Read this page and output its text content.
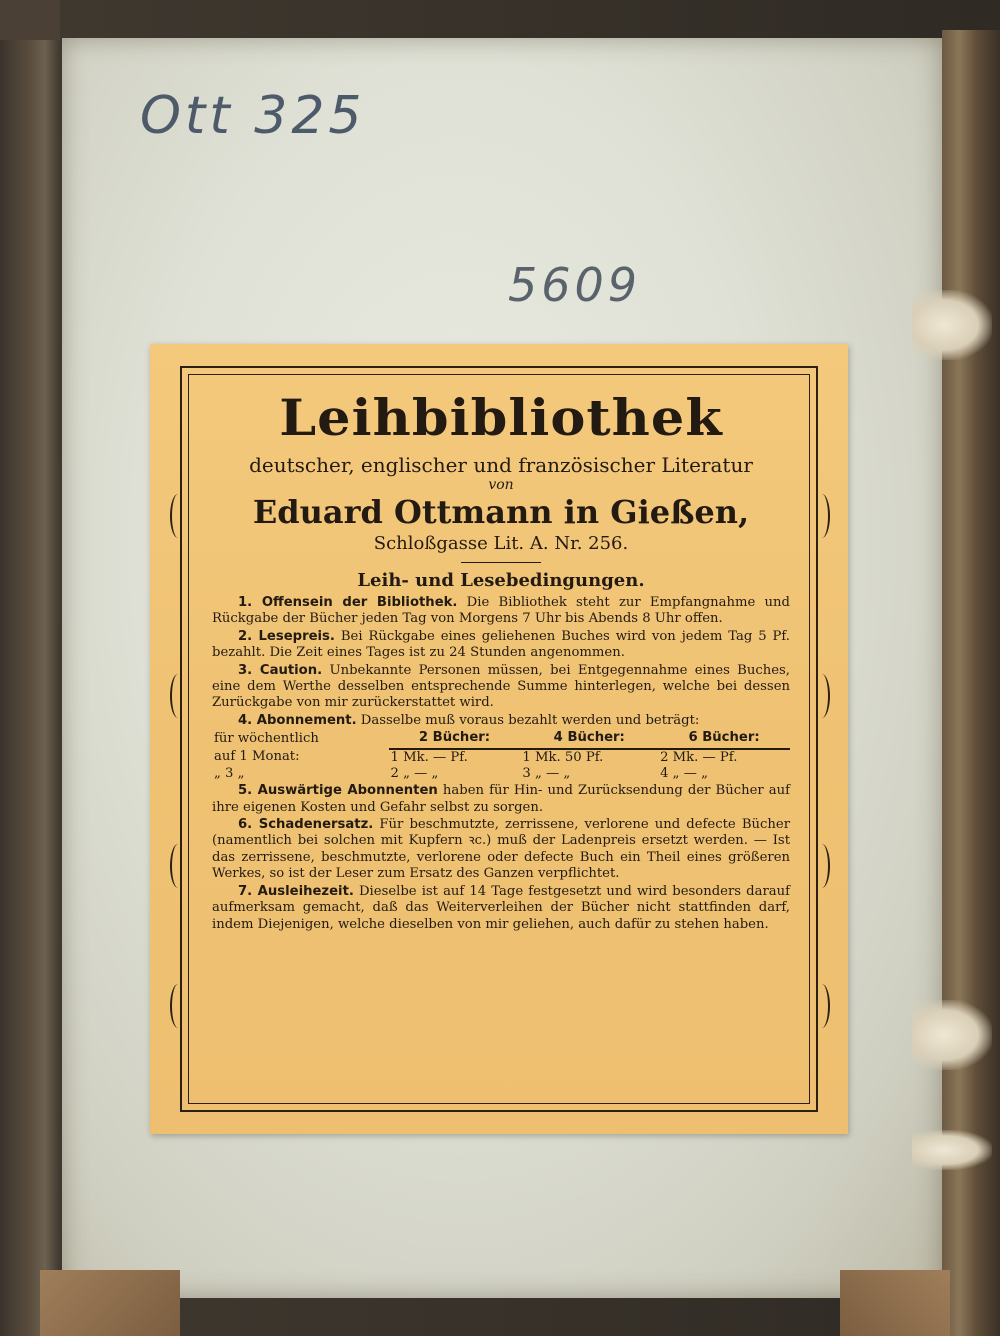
Ott 325
5609
Leihbibliothek
deutscher, englischer und französischer Literatur
von
Eduard Ottmann in Gießen,
Schloßgasse Lit. A. Nr. 256.
Leih- und Lesebedingungen.

1. Offensein der Bibliothek. Die Bibliothek steht zur Empfangnahme und Rückgabe der Bücher jeden Tag von Morgens 7 Uhr bis Abends 8 Uhr offen.

2. Lesepreis. Bei Rückgabe eines geliehenen Buches wird von jedem Tag 5 Pf. bezahlt. Die Zeit eines Tages ist zu 24 Stunden angenommen.

3. Caution. Unbekannte Personen müssen, bei Entgegennahme eines Buches, eine dem Werthe desselben entsprechende Summe hinterlegen, welche bei dessen Zurückgabe von mir zurückerstattet wird.

4. Abonnement. Dasselbe muß voraus bezahlt werden und beträgt:

für wöchentlich	2 Bücher:	4 Bücher:	6 Bücher:
auf 1 Monat:	1 Mk. — Pf.	1 Mk. 50 Pf.	2 Mk. — Pf.
„ 3 „	2 „ — „	3 „ — „	4 „ — „

5. Auswärtige Abonnenten haben für Hin- und Zurücksendung der Bücher auf ihre eigenen Kosten und Gefahr selbst zu sorgen.

6. Schadenersatz. Für beschmutzte, zerrissene, verlorene und defecte Bücher (namentlich bei solchen mit Kupfern ꝛc.) muß der Ladenpreis ersetzt werden. — Ist das zerrissene, beschmutzte, verlorene oder defecte Buch ein Theil eines größeren Werkes, so ist der Leser zum Ersatz des Ganzen verpflichtet.

7. Ausleihezeit. Dieselbe ist auf 14 Tage festgesetzt und wird besonders darauf aufmerksam gemacht, daß das Weiterverleihen der Bücher nicht stattfinden darf, indem Diejenigen, welche dieselben von mir geliehen, auch dafür zu stehen haben.
